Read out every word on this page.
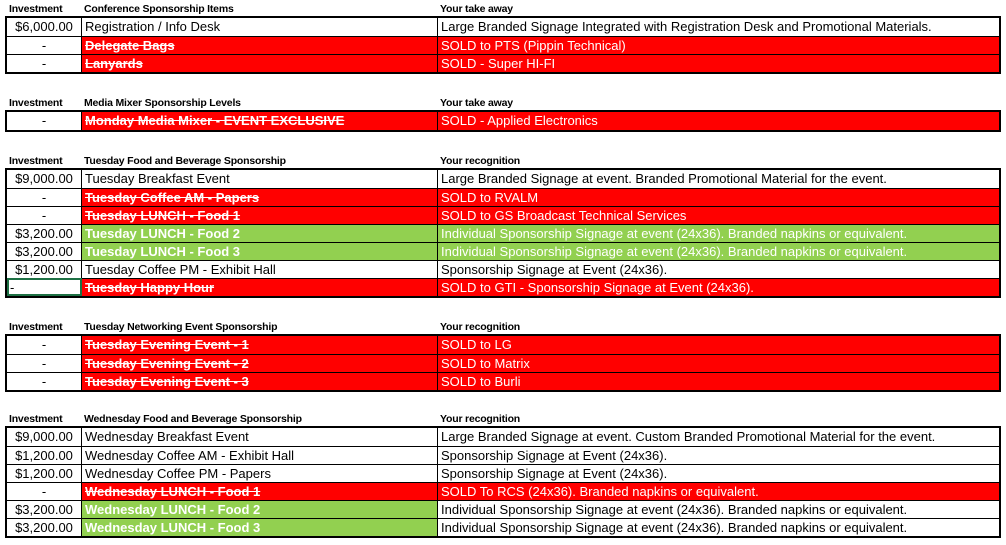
Investment Conference Sponsorship Items	Your take away
$6,000.00 Registration / Info Desk	Large Branded Signage Integrated with Registration Desk and Promotional Materials.
-	Delegate Bags	SOLD to PTS (Pippin Technical)
-	Lanyards	SOLD - Super HI-FI
Investment Media Mixer Sponsorship Levels	Your take away
-	Monday Media Mixer - EVENT EXCLUSIVE	SOLD - Applied Electronics
Investment Tuesday Food and Beverage Sponsorship	Your recognition
$9,000.00 Tuesday Breakfast Event	Large Branded Signage at event. Branded Promotional Material for the event.
-	Tuesday Coffee AM - Papers	SOLD to RVALM
-	Tuesday LUNCH - Food 1	SOLD to GS Broadcast Technical Services
$3,200.00 Tuesday LUNCH - Food 2	Individual Sponsorship Signage at event (24x36). Branded napkins or equivalent.
$3,200.00 Tuesday LUNCH - Food 3	Individual Sponsorship Signage at event (24x36). Branded napkins or equivalent.
$1,200.00 Tuesday Coffee PM - Exhibit Hall	Sponsorship Signage at Event (24x36).
-	Tuesday Happy Hour	SOLD to GTI - Sponsorship Signage at Event (24x36).
Investment Tuesday Networking Event Sponsorship	Your recognition
-	Tuesday Evening Event - 1	SOLD to LG
-	Tuesday Evening Event - 2	SOLD to Matrix
-	Tuesday Evening Event - 3	SOLD to Burli
Investment Wednesday Food and Beverage Sponsorship	Your recognition
$9,000.00 Wednesday Breakfast Event	Large Branded Signage at event. Custom Branded Promotional Material for the event.
$1,200.00 Wednesday Coffee AM - Exhibit Hall	Sponsorship Signage at Event (24x36).
$1,200.00 Wednesday Coffee PM - Papers	Sponsorship Signage at Event (24x36).
-	Wednesday LUNCH - Food 1	SOLD To RCS (24x36). Branded napkins or equivalent.
$3,200.00 Wednesday LUNCH - Food 2	Individual Sponsorship Signage at event (24x36). Branded napkins or equivalent.
$3,200.00 Wednesday LUNCH - Food 3	Individual Sponsorship Signage at event (24x36). Branded napkins or equivalent.
